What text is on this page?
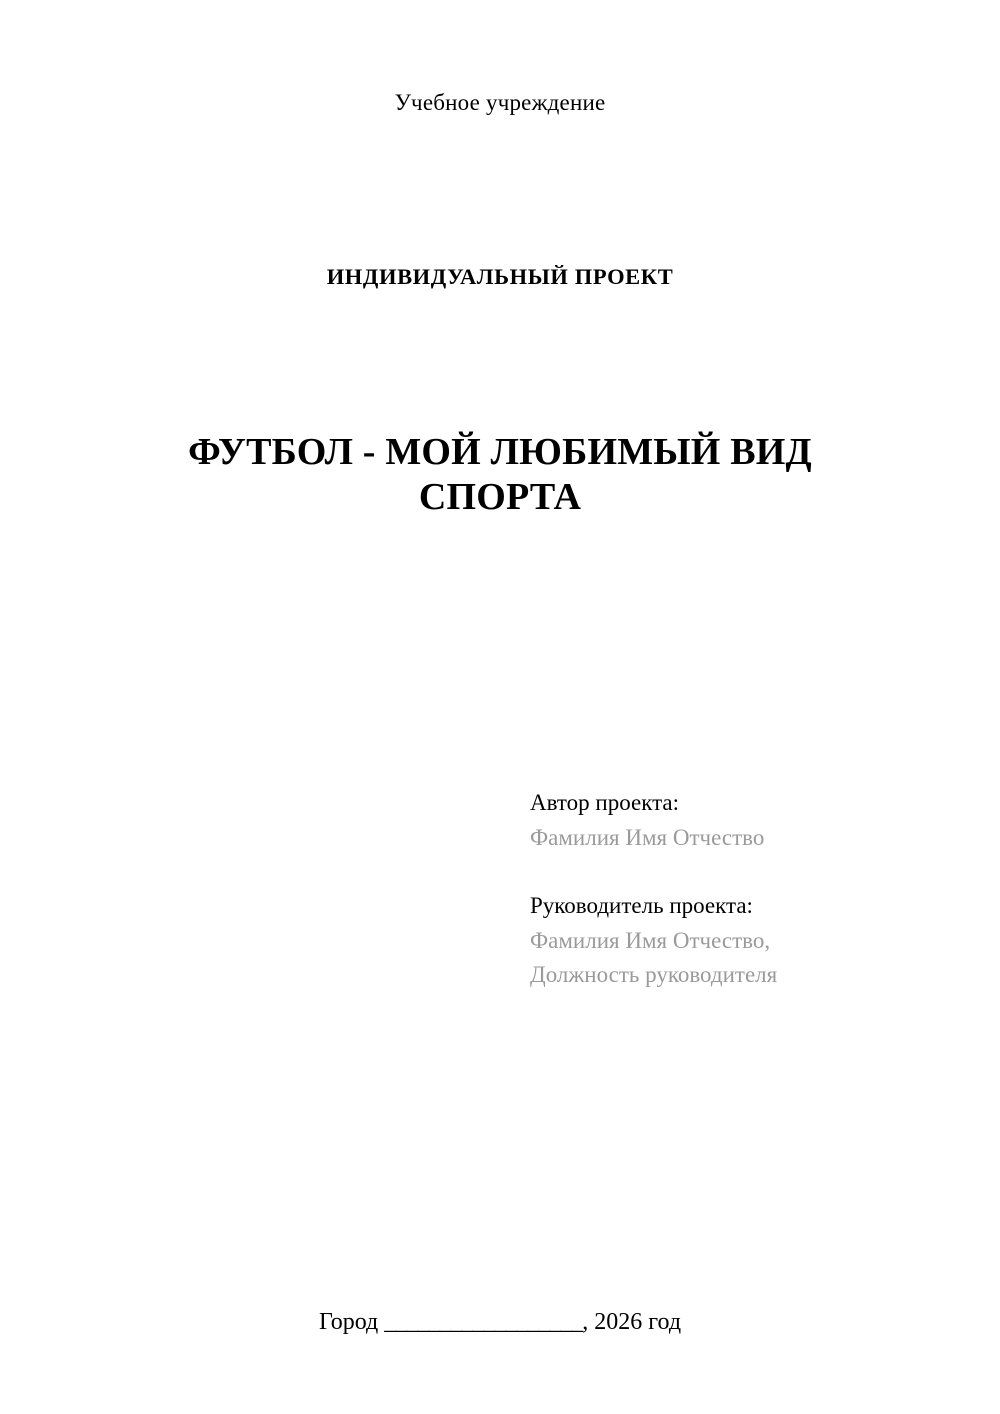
Учебное учреждение
ИНДИВИДУАЛЬНЫЙ ПРОЕКТ
ФУТБОЛ - МОЙ ЛЮБИМЫЙ ВИД СПОРТА
Автор проекта:
Фамилия Имя Отчество
Руководитель проекта:
Фамилия Имя Отчество,
Должность руководителя
Город __________________, 2026 год
